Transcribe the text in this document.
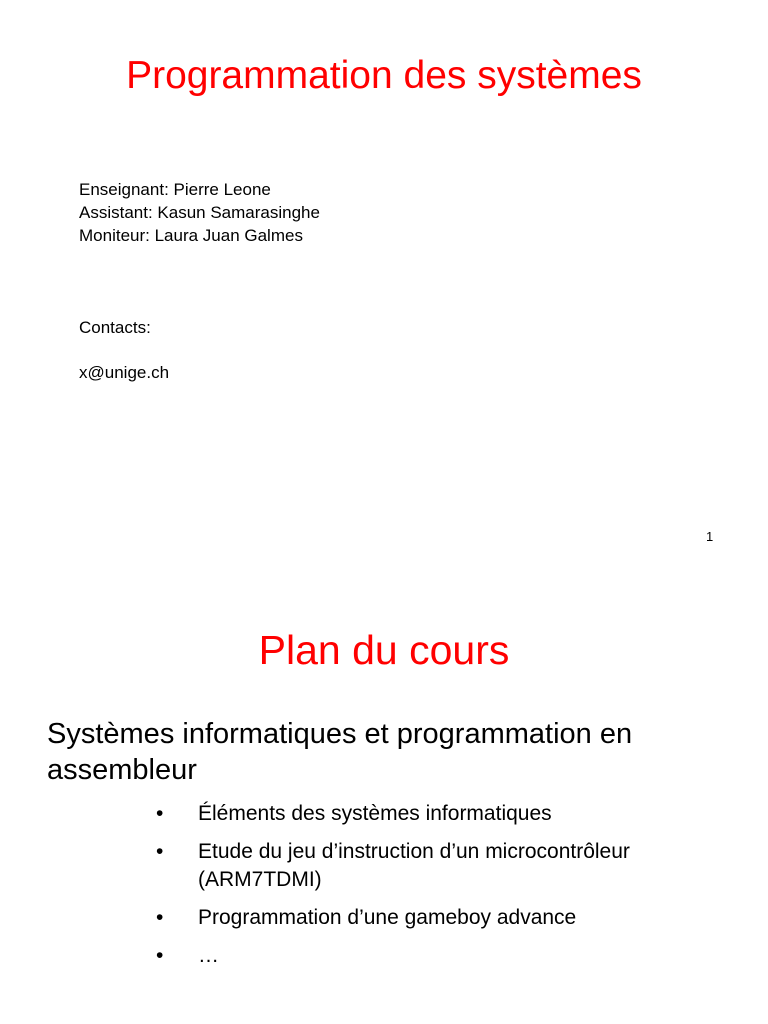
Programmation des systèmes
Enseignant: Pierre Leone
Assistant: Kasun Samarasinghe
Moniteur: Laura Juan Galmes
Contacts:
x@unige.ch
1
Plan du cours
Systèmes informatiques et programmation en assembleur
• Éléments des systèmes informatiques
• Etude du jeu d’instruction d’un microcontrôleur (ARM7TDMI)
• Programmation d’une gameboy advance
• …
